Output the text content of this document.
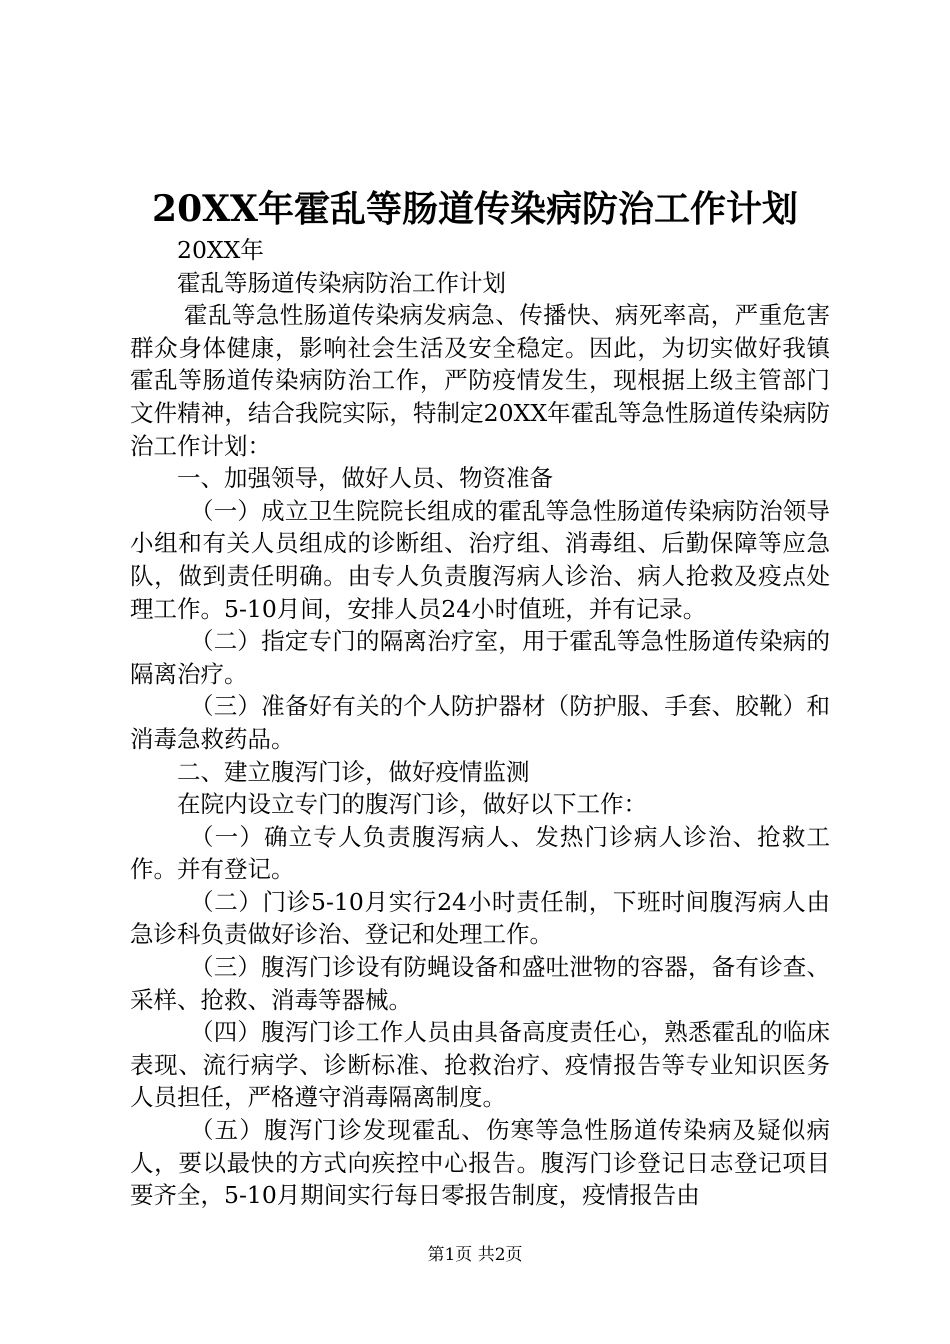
20XX年霍乱等肠道传染病防治工作计划

20XX年

霍乱等肠道传染病防治工作计划

霍乱等急性肠道传染病发病急、传播快、病死率高，严重危害群众身体健康，影响社会生活及安全稳定。因此，为切实做好我镇霍乱等肠道传染病防治工作，严防疫情发生，现根据上级主管部门文件精神，结合我院实际，特制定20XX年霍乱等急性肠道传染病防治工作计划：

一、加强领导，做好人员、物资准备

（一）成立卫生院院长组成的霍乱等急性肠道传染病防治领导小组和有关人员组成的诊断组、治疗组、消毒组、后勤保障等应急队，做到责任明确。由专人负责腹泻病人诊治、病人抢救及疫点处理工作。5-10月间，安排人员24小时值班，并有记录。

（二）指定专门的隔离治疗室，用于霍乱等急性肠道传染病的隔离治疗。

（三）准备好有关的个人防护器材（防护服、手套、胶靴）和消毒急救药品。

二、建立腹泻门诊，做好疫情监测

在院内设立专门的腹泻门诊，做好以下工作：

（一）确立专人负责腹泻病人、发热门诊病人诊治、抢救工作。并有登记。

（二）门诊5-10月实行24小时责任制，下班时间腹泻病人由急诊科负责做好诊治、登记和处理工作。

（三）腹泻门诊设有防蝇设备和盛吐泄物的容器，备有诊查、采样、抢救、消毒等器械。

（四）腹泻门诊工作人员由具备高度责任心，熟悉霍乱的临床表现、流行病学、诊断标准、抢救治疗、疫情报告等专业知识医务人员担任，严格遵守消毒隔离制度。

（五）腹泻门诊发现霍乱、伤寒等急性肠道传染病及疑似病人，要以最快的方式向疾控中心报告。腹泻门诊登记日志登记项目要齐全，5-10月期间实行每日零报告制度，疫情报告由

第1页 共2页
